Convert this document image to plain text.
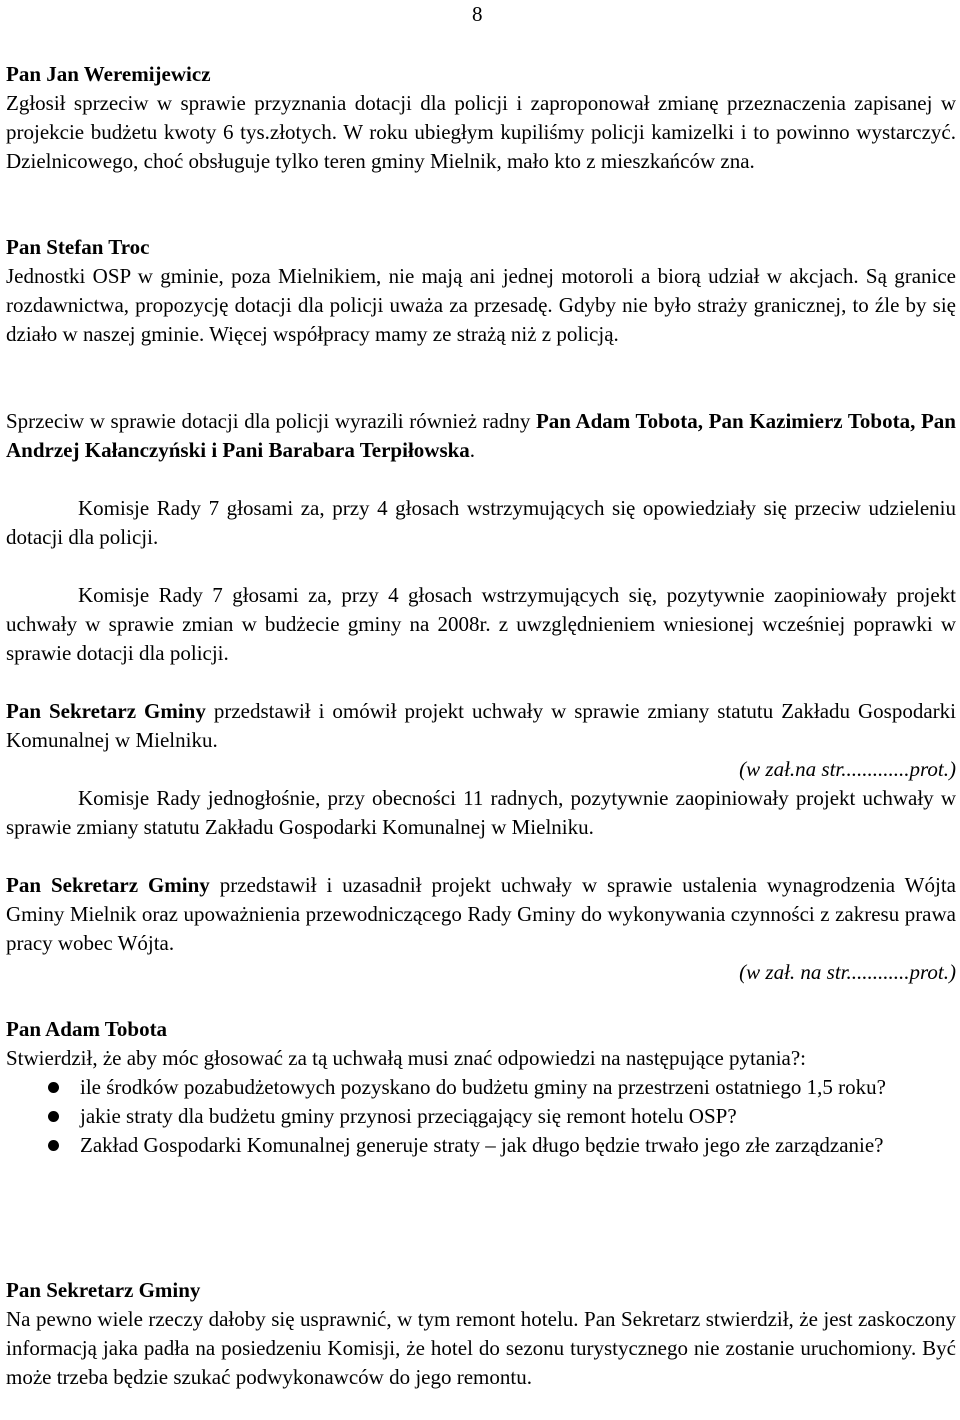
8

Pan Jan Weremijewicz

Zgłosił sprzeciw w sprawie przyznania dotacji dla policji i zaproponował zmianę przeznaczenia zapisanej w projekcie budżetu kwoty 6 tys.złotych. W roku ubiegłym kupiliśmy policji kamizelki i to powinno wystarczyć. Dzielnicowego, choć obsługuje tylko teren gminy Mielnik, mało kto z mieszkańców zna.

Pan Stefan Troc

Jednostki OSP w gminie, poza Mielnikiem, nie mają ani jednej motoroli a biorą udział w akcjach. Są granice rozdawnictwa, propozycję dotacji dla policji uważa za przesadę. Gdyby nie było straży granicznej, to źle by się działo w naszej gminie. Więcej współpracy mamy ze strażą niż z policją.

Sprzeciw w sprawie dotacji dla policji wyrazili również radny Pan Adam Tobota, Pan Kazimierz Tobota, Pan Andrzej Kałanczyński i Pani Barabara Terpiłowska.

Komisje Rady 7 głosami za, przy 4 głosach wstrzymujących się opowiedziały się przeciw udzieleniu dotacji dla policji.

Komisje Rady 7 głosami za, przy 4 głosach wstrzymujących się, pozytywnie zaopiniowały projekt uchwały w sprawie zmian w budżecie gminy na 2008r. z uwzględnieniem wniesionej wcześniej poprawki w sprawie dotacji dla policji.

Pan Sekretarz Gminy przedstawił i omówił projekt uchwały w sprawie zmiany statutu Zakładu Gospodarki Komunalnej w Mielniku.

(w zał.na str.............prot.)

Komisje Rady jednogłośnie, przy obecności 11 radnych, pozytywnie zaopiniowały projekt uchwały w sprawie zmiany statutu Zakładu Gospodarki Komunalnej w Mielniku.

Pan Sekretarz Gminy przedstawił i uzasadnił projekt uchwały w sprawie ustalenia wynagrodzenia Wójta Gminy Mielnik oraz upoważnienia przewodniczącego Rady Gminy do wykonywania czynności z zakresu prawa pracy wobec Wójta.

(w zał. na str............prot.)

Pan Adam Tobota

Stwierdził, że aby móc głosować za tą uchwałą musi znać odpowiedzi na następujące pytania?:

ile środków pozabudżetowych pozyskano do budżetu gminy na przestrzeni ostatniego 1,5 roku?
jakie straty dla budżetu gminy przynosi przeciągający się remont hotelu OSP?
Zakład Gospodarki Komunalnej generuje straty – jak długo będzie trwało jego złe zarządzanie?

Pan Sekretarz Gminy

Na pewno wiele rzeczy dałoby się usprawnić, w tym remont hotelu. Pan Sekretarz stwierdził, że jest zaskoczony informacją jaka padła na posiedzeniu Komisji, że hotel do sezonu turystycznego nie zostanie uruchomiony. Być może trzeba będzie szukać podwykonawców do jego remontu.
